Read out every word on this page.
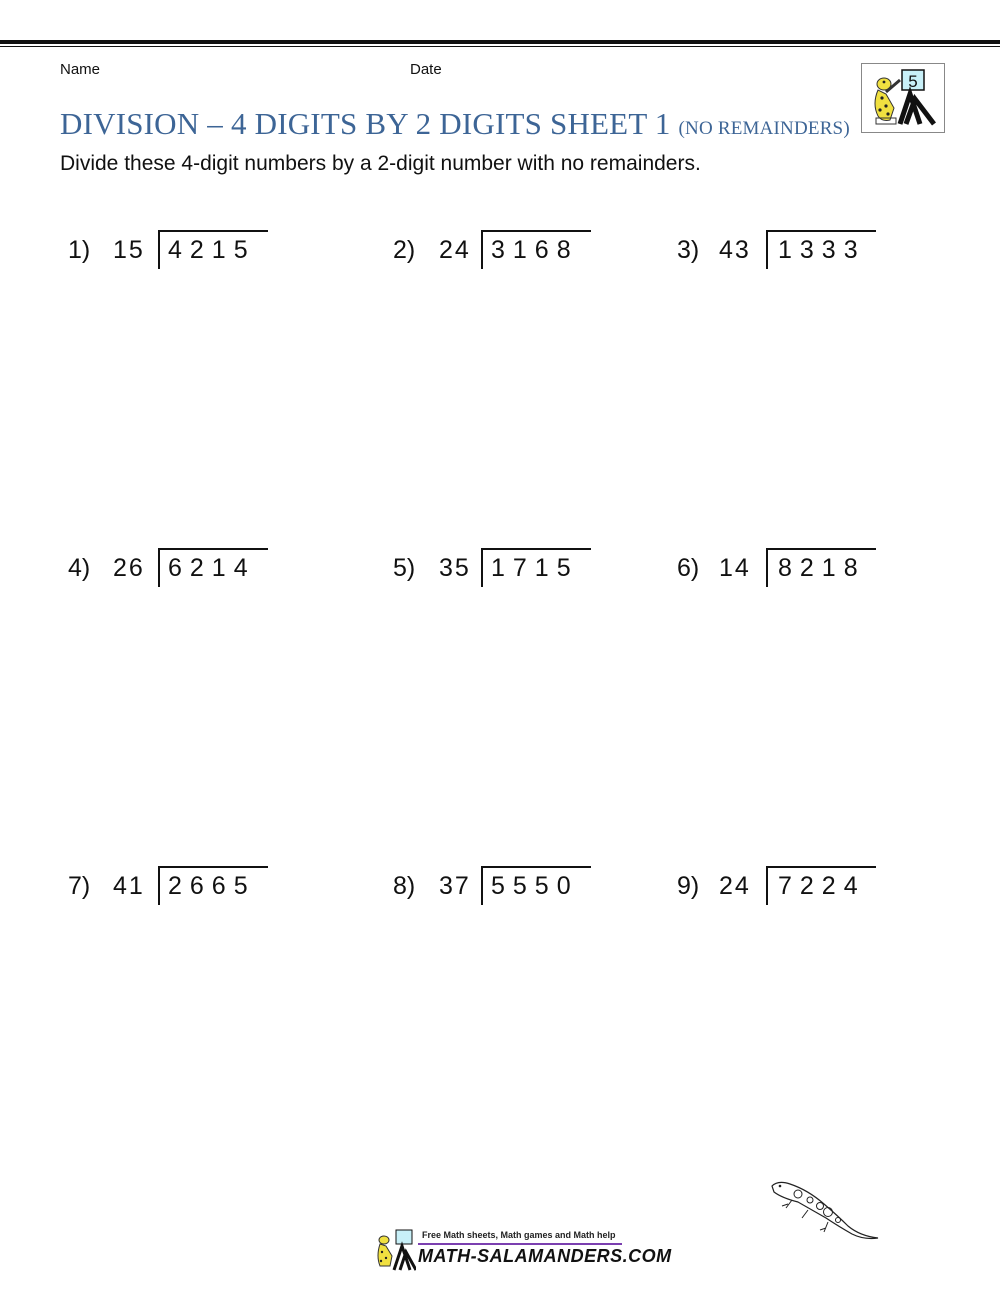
Name	Date
5
DIVISION – 4 DIGITS BY 2 DIGITS SHEET 1 (NO REMAINDERS)
Divide these 4-digit numbers by a 2-digit number with no remainders.
1) 15 4215	2) 24 3168	3) 43 1333
4) 26 6214	5) 35 1715	6) 14 8218
7) 41 2665	8) 37 5550	9) 24 7224
Free Math sheets, Math games and Math help
MATH-SALAMANDERS.COM
